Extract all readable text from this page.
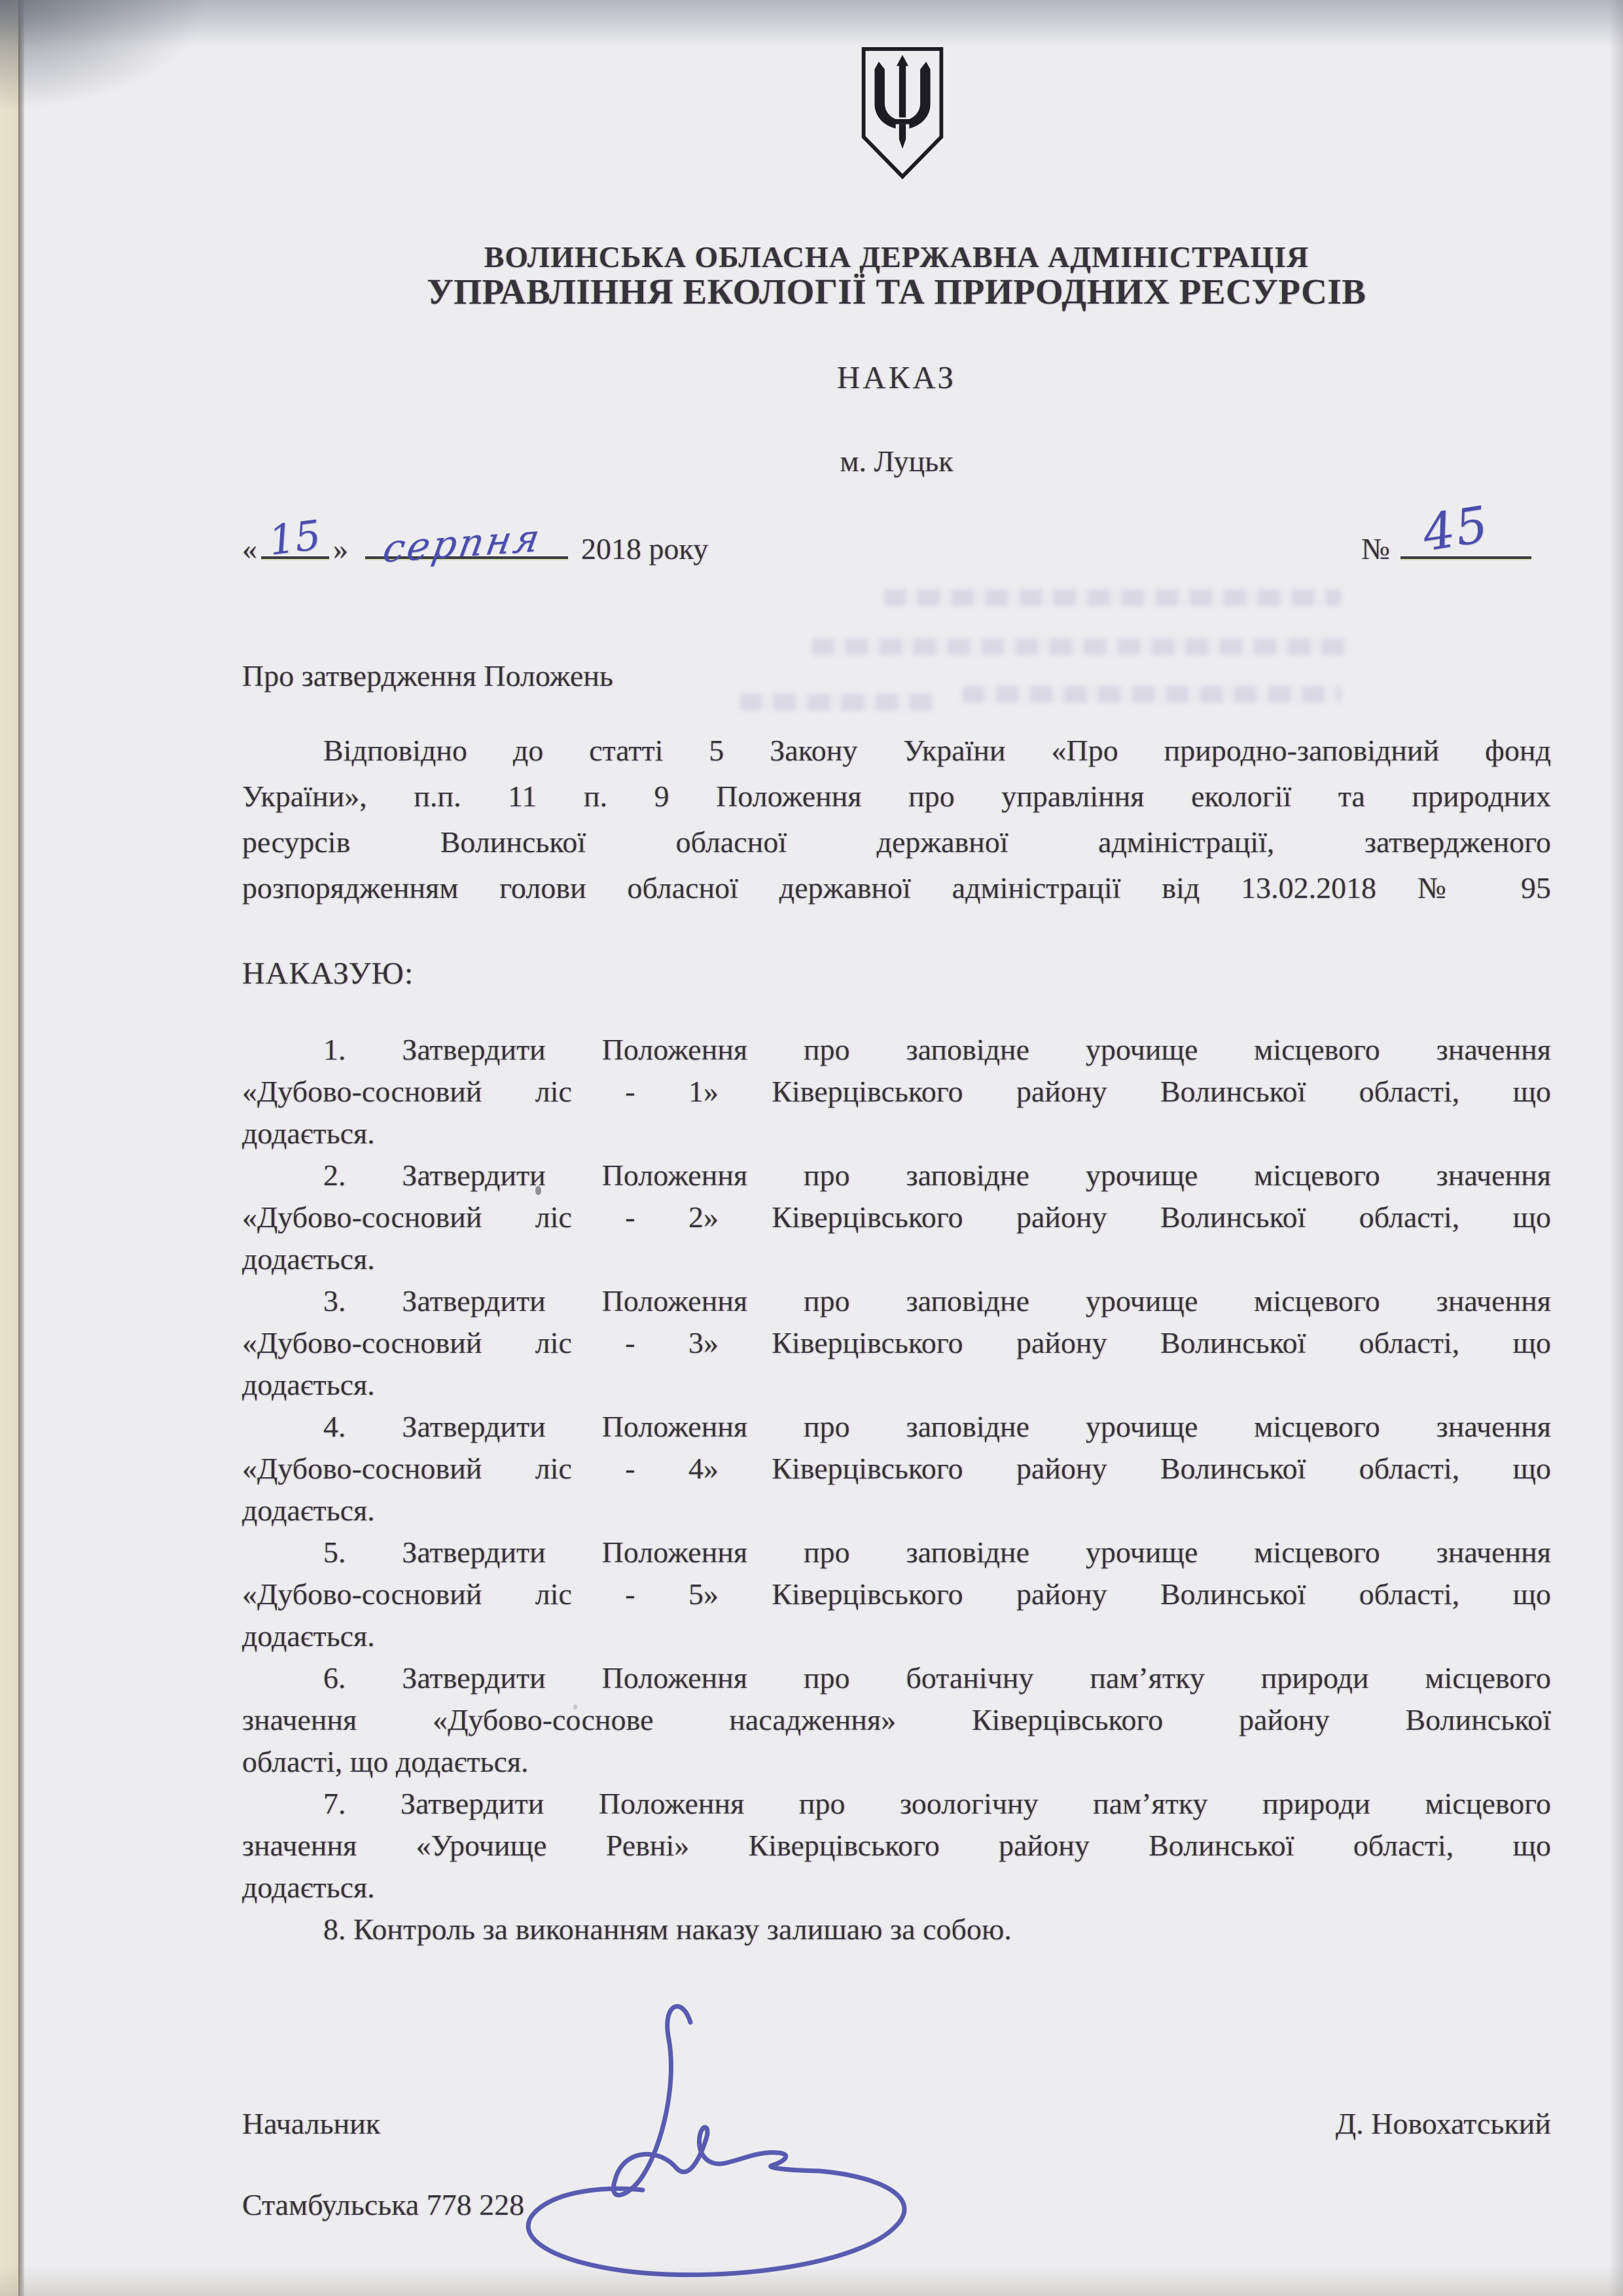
ВОЛИНСЬКА ОБЛАСНА ДЕРЖАВНА АДМІНІСТРАЦІЯ
УПРАВЛІННЯ ЕКОЛОГІЇ ТА ПРИРОДНИХ РЕСУРСІВ
НАКАЗ
м. Луцьк
« 15 » серпня 2018 року	№ 45
Про затвердження Положень
Відповідно до статті 5 Закону України «Про природно-заповідний фонд
України», п.п. 11 п. 9 Положення про управління екології та природних
ресурсів Волинської обласної державної адміністрації, затвердженого
розпорядженням голови обласної державної адміністрації від 13.02.2018 № 95
НАКАЗУЮ:
1. Затвердити Положення про заповідне урочище місцевого значення
«Дубово-сосновий ліс - 1» Ківерцівського району Волинської області, що
додається.
2. Затвердити Положення про заповідне урочище місцевого значення
«Дубово-сосновий ліс - 2» Ківерцівського району Волинської області, що
додається.
3. Затвердити Положення про заповідне урочище місцевого значення
«Дубово-сосновий ліс - 3» Ківерцівського району Волинської області, що
додається.
4. Затвердити Положення про заповідне урочище місцевого значення
«Дубово-сосновий ліс - 4» Ківерцівського району Волинської області, що
додається.
5. Затвердити Положення про заповідне урочище місцевого значення
«Дубово-сосновий ліс - 5» Ківерцівського району Волинської області, що
додається.
6. Затвердити Положення про ботанічну пам’ятку природи місцевого
значення «Дубово-соснове насадження» Ківерцівського району Волинської
області, що додається.
7. Затвердити Положення про зоологічну пам’ятку природи місцевого
значення «Урочище Ревні» Ківерцівського району Волинської області, що
додається.
8. Контроль за виконанням наказу залишаю за собою.
Начальник	Д. Новохатський
Стамбульська 778 228
